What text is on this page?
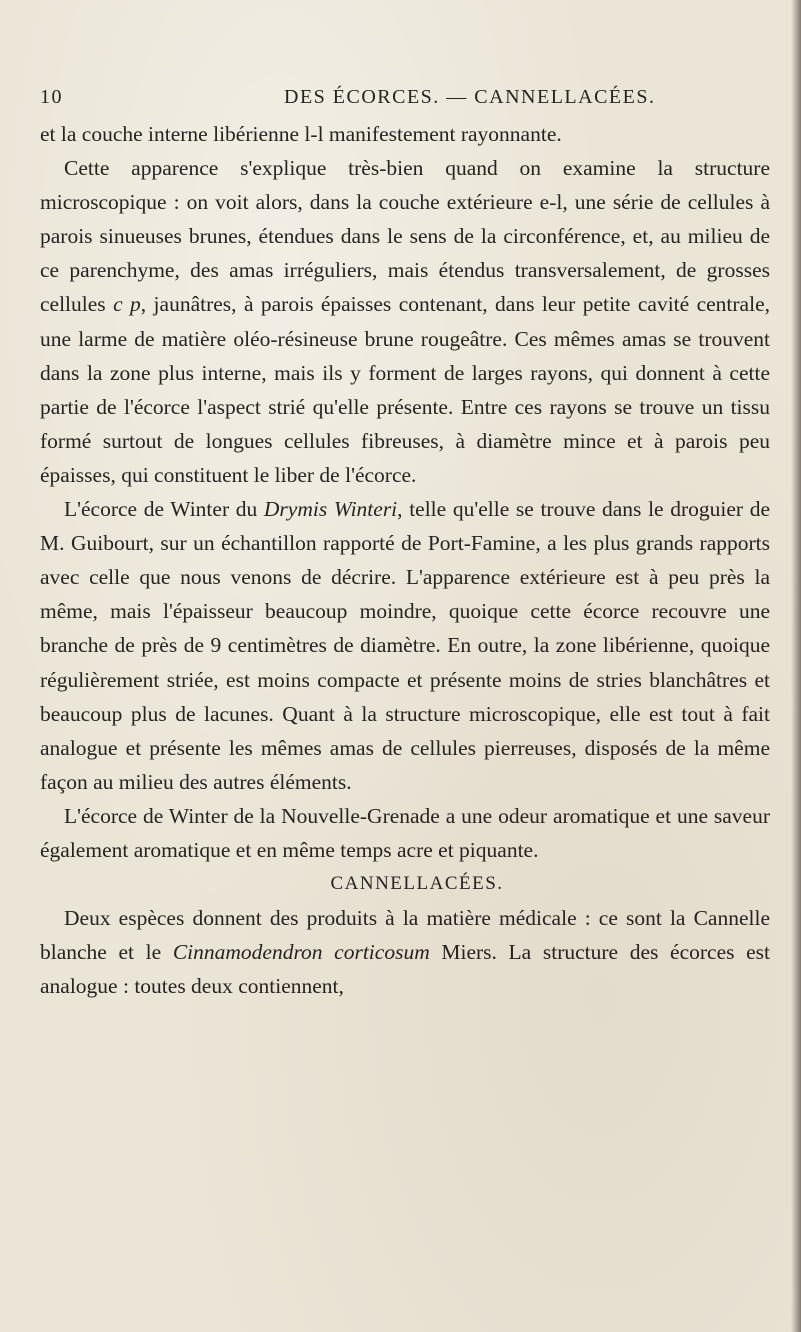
10	DES ÉCORCES. — CANNELLACÉES.

et la couche interne libérienne l-l manifestement rayonnante.

Cette apparence s'explique très-bien quand on examine la structure microscopique : on voit alors, dans la couche extérieure e-l, une série de cellules à parois sinueuses brunes, étendues dans le sens de la circonférence, et, au milieu de ce parenchyme, des amas irréguliers, mais étendus transversalement, de grosses cellules c p, jaunâtres, à parois épaisses contenant, dans leur petite cavité centrale, une larme de matière oléo-résineuse brune rougeâtre. Ces mêmes amas se trouvent dans la zone plus interne, mais ils y forment de larges rayons, qui donnent à cette partie de l'écorce l'aspect strié qu'elle présente. Entre ces rayons se trouve un tissu formé surtout de longues cellules fibreuses, à diamètre mince et à parois peu épaisses, qui constituent le liber de l'écorce.

L'écorce de Winter du Drymis Winteri, telle qu'elle se trouve dans le droguier de M. Guibourt, sur un échantillon rapporté de Port-Famine, a les plus grands rapports avec celle que nous venons de décrire. L'apparence extérieure est à peu près la même, mais l'épaisseur beaucoup moindre, quoique cette écorce recouvre une branche de près de 9 centimètres de diamètre. En outre, la zone libérienne, quoique régulièrement striée, est moins compacte et présente moins de stries blanchâtres et beaucoup plus de lacunes. Quant à la structure microscopique, elle est tout à fait analogue et présente les mêmes amas de cellules pierreuses, disposés de la même façon au milieu des autres éléments.

L'écorce de Winter de la Nouvelle-Grenade a une odeur aromatique et une saveur également aromatique et en même temps acre et piquante.

CANNELLACÉES.

Deux espèces donnent des produits à la matière médicale : ce sont la Cannelle blanche et le Cinnamodendron corticosum Miers. La structure des écorces est analogue : toutes deux contiennent,
